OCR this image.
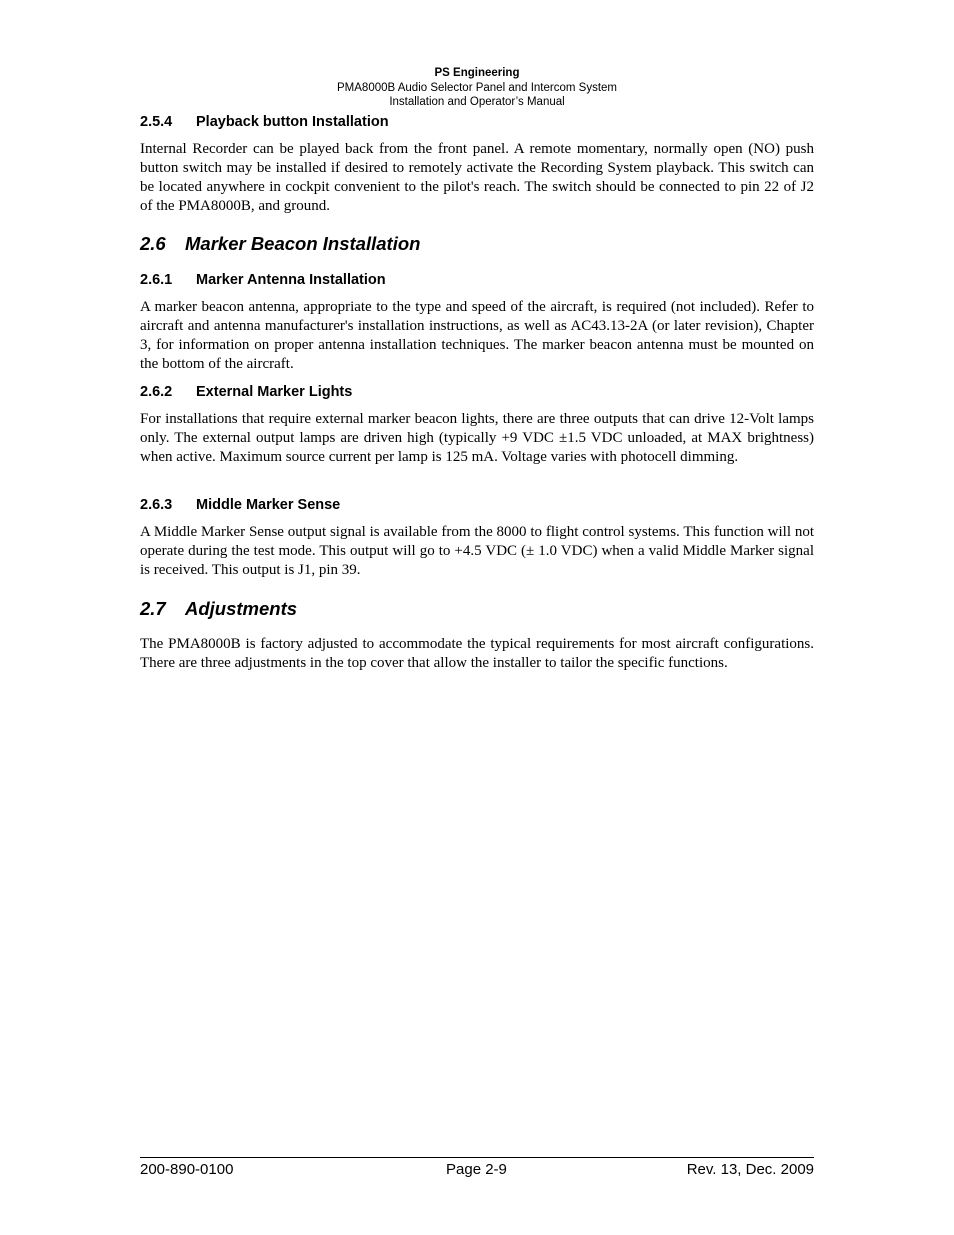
PS Engineering
PMA8000B Audio Selector Panel and Intercom System
Installation and Operator’s Manual
2.5.4 Playback button Installation
Internal Recorder can be played back from the front panel. A remote momentary, normally open (NO) push button switch may be installed if desired to remotely activate the Recording System playback. This switch can be located anywhere in cockpit convenient to the pilot's reach. The switch should be connected to pin 22 of J2 of the PMA8000B, and ground.
2.6 Marker Beacon Installation
2.6.1 Marker Antenna Installation
A marker beacon antenna, appropriate to the type and speed of the aircraft, is required (not included). Refer to aircraft and antenna manufacturer's installation instructions, as well as AC43.13-2A (or later revision), Chapter 3, for information on proper antenna installation techniques. The marker beacon antenna must be mounted on the bottom of the aircraft.
2.6.2 External Marker Lights
For installations that require external marker beacon lights, there are three outputs that can drive 12-Volt lamps only. The external output lamps are driven high (typically +9 VDC ±1.5 VDC unloaded, at MAX brightness) when active. Maximum source current per lamp is 125 mA. Voltage varies with photocell dimming.
2.6.3 Middle Marker Sense
A Middle Marker Sense output signal is available from the 8000 to flight control systems. This function will not operate during the test mode. This output will go to +4.5 VDC (± 1.0 VDC) when a valid Middle Marker signal is received. This output is J1, pin 39.
2.7 Adjustments
The PMA8000B is factory adjusted to accommodate the typical requirements for most aircraft configurations. There are three adjustments in the top cover that allow the installer to tailor the specific functions.
200-890-0100	Page 2-9	Rev. 13, Dec. 2009
